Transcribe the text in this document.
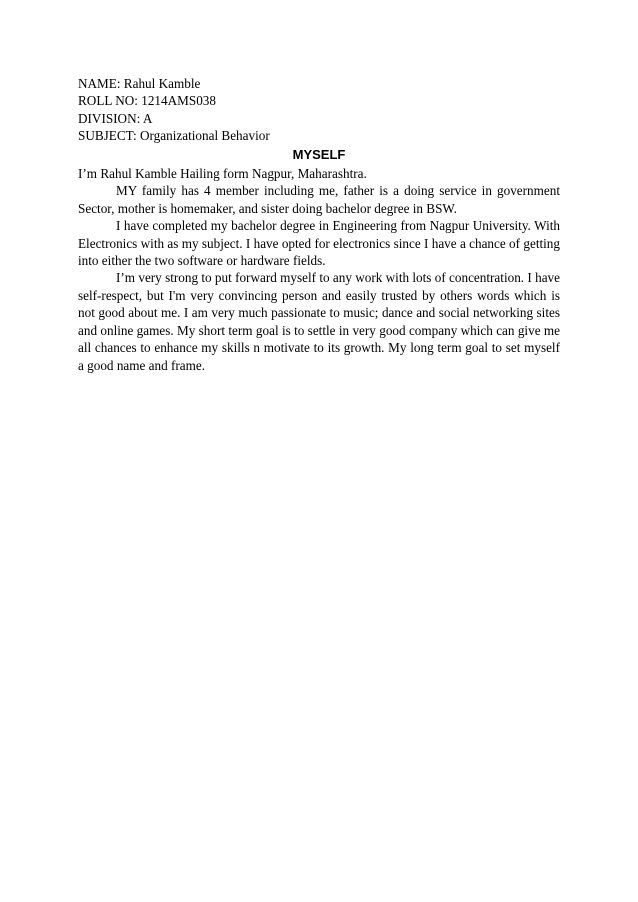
NAME: Rahul Kamble
ROLL NO: 1214AMS038
DIVISION: A
SUBJECT: Organizational Behavior
MYSELF
I’m Rahul Kamble Hailing form Nagpur, Maharashtra.

MY family has 4 member including me, father is a doing service in government Sector, mother is homemaker, and sister doing bachelor degree in BSW.

I have completed my bachelor degree in Engineering from Nagpur University. With Electronics with as my subject. I have opted for electronics since I have a chance of getting into either the two software or hardware fields.

I’m very strong to put forward myself to any work with lots of concentration. I have self-respect, but I'm very convincing person and easily trusted by others words which is not good about me. I am very much passionate to music; dance and social networking sites and online games. My short term goal is to settle in very good company which can give me all chances to enhance my skills n motivate to its growth. My long term goal to set myself a good name and frame.
